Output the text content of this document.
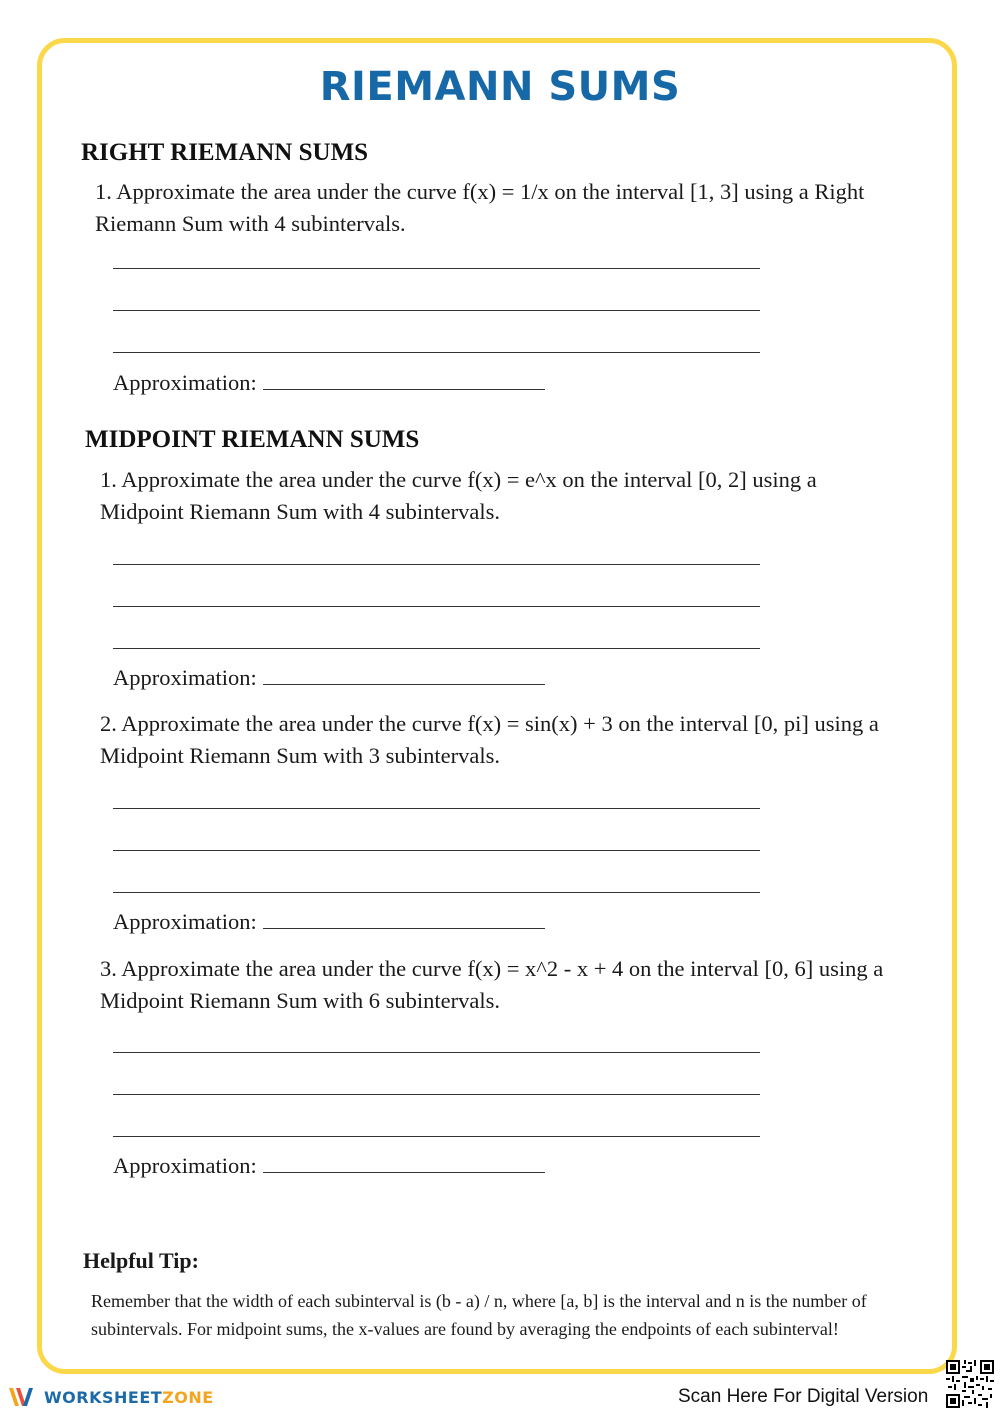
RIEMANN SUMS
RIGHT RIEMANN SUMS

1. Approximate the area under the curve f(x) = 1/x on the interval [1, 3] using a Right Riemann Sum with 4 subintervals.

Approximation:
MIDPOINT RIEMANN SUMS

1. Approximate the area under the curve f(x) = e^x on the interval [0, 2] using a Midpoint Riemann Sum with 4 subintervals.

Approximation:

2. Approximate the area under the curve f(x) = sin(x) + 3 on the interval [0, pi] using a Midpoint Riemann Sum with 3 subintervals.

Approximation:

3. Approximate the area under the curve f(x) = x^2 - x + 4 on the interval [0, 6] using a Midpoint Riemann Sum with 6 subintervals.

Approximation:
Helpful Tip:

Remember that the width of each subinterval is (b - a) / n, where [a, b] is the interval and n is the number of subintervals. For midpoint sums, the x-values are found by averaging the endpoints of each subinterval!

WORKSHEETZONE	Scan Here For Digital Version
